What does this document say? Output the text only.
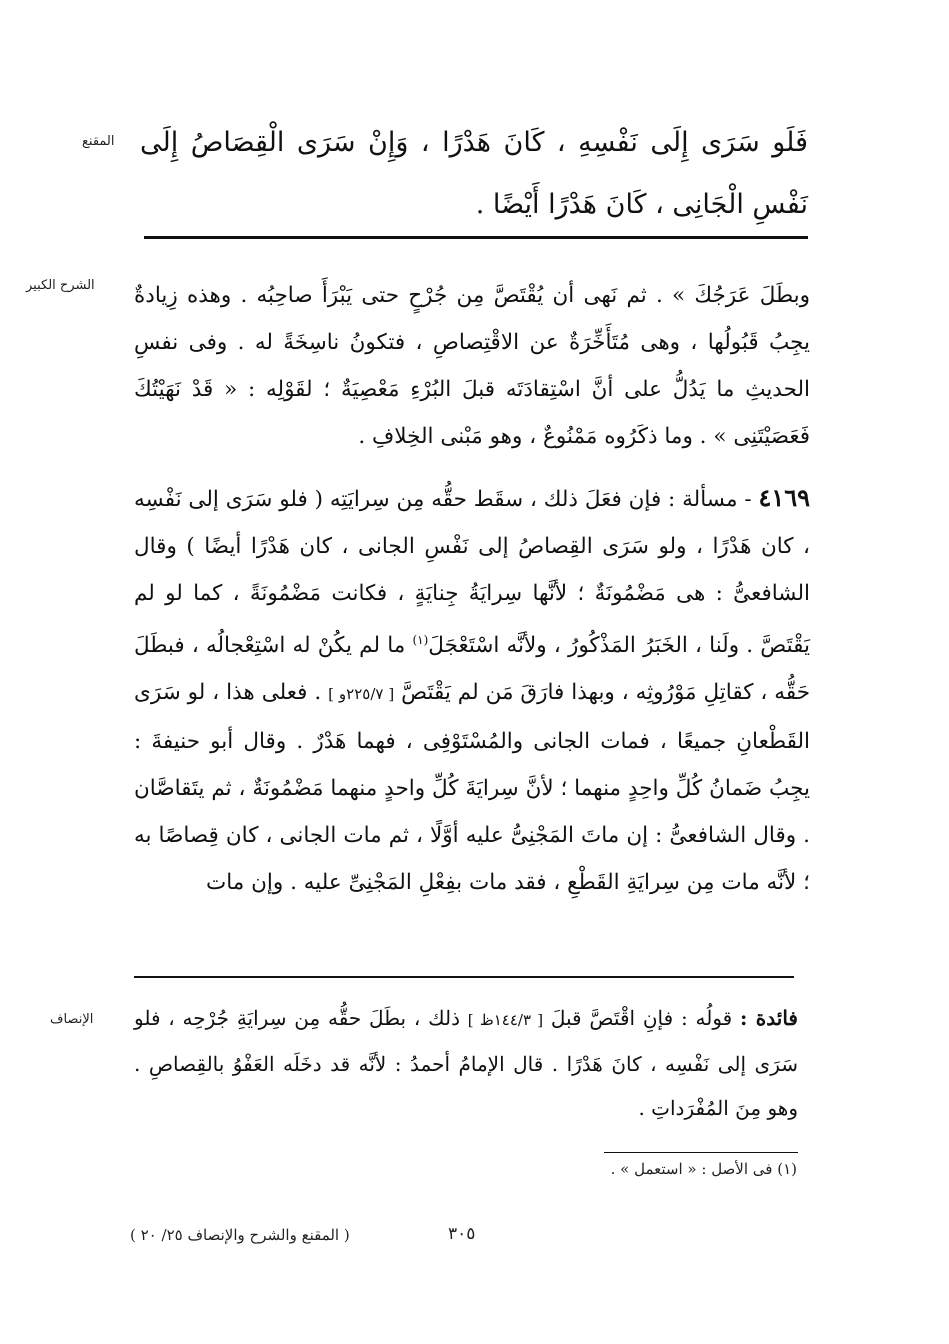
المقنع فَلَو سَرَى إِلَى نَفْسِهِ ، كَانَ هَدْرًا ، وَإِنْ سَرَى الْقِصَاصُ إِلَى نَفْسِ الْجَانِى ، كَانَ هَدْرًا أَيْضًا .

الشرح الكبير وبطَلَ عَرَجُكَ » . ثم نَهى أن يُقْتَصَّ مِن جُرْحٍ حتى يَبْرَأَ صاحِبُه . وهذه زِيادةٌ يجِبُ قَبُولُها ، وهى مُتَأَخِّرَةٌ عن الاقْتِصاصِ ، فتكونُ ناسِخَةً له . وفى نفسِ الحديثِ ما يَدُلُّ على أنَّ اسْتِقادَتَه قبلَ البُرْءِ مَعْصِيَةٌ ؛ لقَوْلِه : « قَدْ نَهَيْتُكَ فَعَصَيْتَنِى » . وما ذكَرُوه مَمْنُوعٌ ، وهو مَبْنى الخِلافِ .

٤١٦٩ - مسألة : فإن فعَلَ ذلك ، سقَط حقُّه مِن سِرايَتِه ( فلو سَرَى إلى نَفْسِه ، كان هَدْرًا ، ولو سَرَى القِصاصُ إلى نَفْسِ الجانى ، كان هَدْرًا أيضًا ) وقال الشافعىُّ : هى مَضْمُونَةٌ ؛ لأنَّها سِرايَةُ جِنايَةٍ ، فكانت مَضْمُونَةً ، كما لو لم يَقْتَصَّ . ولَنا ، الخَبَرُ المَذْكُورُ ، ولأنَّه اسْتَعْجَلَ$^{(١)}$ ما لم يكُنْ له اسْتِعْجالُه ، فبطَلَ حَقُّه ، كقاتِلِ مَوْرُوثِه ، وبهذا فارَقَ مَن لم يَقْتَصَّ [ ٢٢٥/٧و ] . فعلى هذا ، لو سَرَى القَطْعانِ جميعًا ، فمات الجانى والمُسْتَوْفِى ، فهما هَدْرٌ . وقال أبو حنيفةَ : يجِبُ ضَمانُ كُلِّ واحِدٍ منهما ؛ لأنَّ سِرايَةَ كُلِّ واحدٍ منهما مَضْمُونَةٌ ، ثم يتَقاصَّان . وقال الشافعىُّ : إن ماتَ المَجْنِىُّ عليه أوَّلًا ، ثم مات الجانى ، كان قِصاصًا به ؛ لأنَّه مات مِن سِرايَةِ القَطْعِ ، فقد مات بفِعْلِ المَجْنِىِّ عليه . وإن مات

الإنصاف	فائدة : قولُه : فإنِ اقْتَصَّ قبلَ [ ١٤٤/٣ظ ] ذلك ، بطَلَ حقُّه مِن سِرايَةِ جُرْحِه ، فلو سَرَى إلى نَفْسِه ، كانَ هَدْرًا . قال الإمامُ أحمدُ : لأنَّه قد دخَلَه العَفْوُ بالقِصاصِ . وهو مِنَ المُفْرَداتِ .

(١) فى الأصل : « استعمل » .
( المقنع والشرح والإنصاف ٢٥/ ٢٠ )	٣٠٥
